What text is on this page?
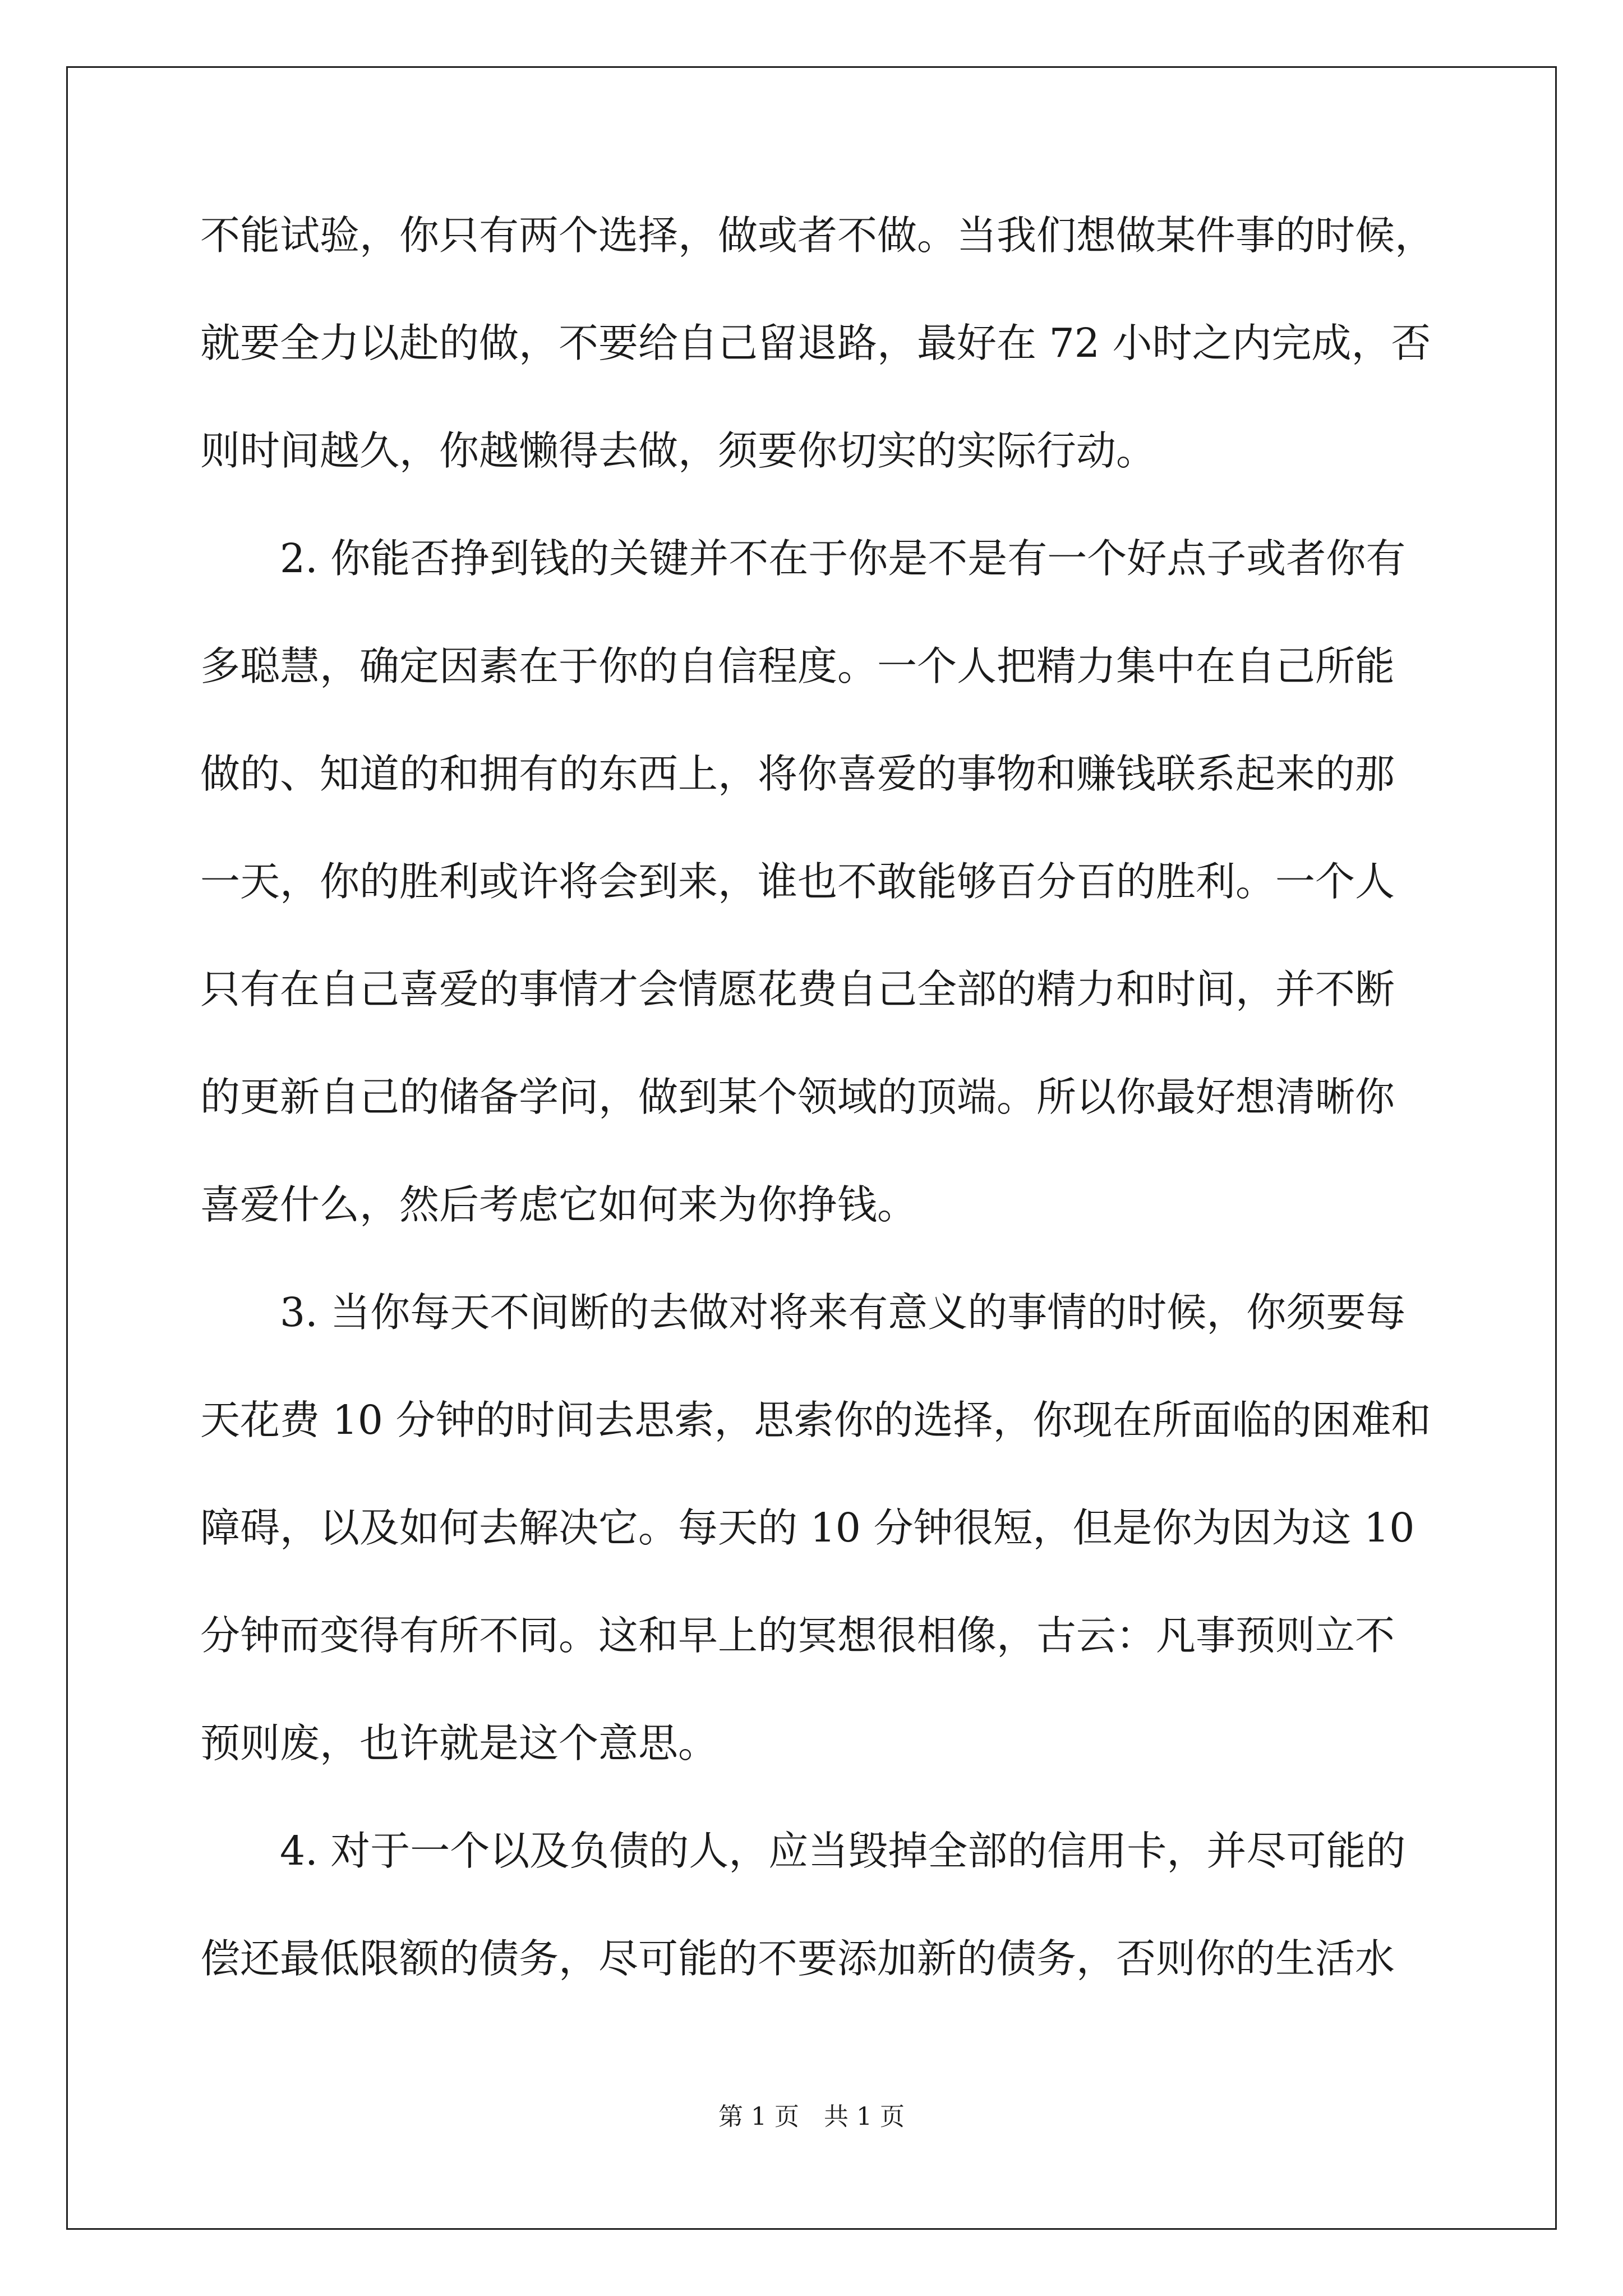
不能试验，你只有两个选择，做或者不做。当我们想做某件事的时候，
就要全力以赴的做，不要给自己留退路，最好在 72 小时之内完成，否
则时间越久，你越懒得去做，须要你切实的实际行动。
　　2. 你能否挣到钱的关键并不在于你是不是有一个好点子或者你有
多聪慧，确定因素在于你的自信程度。一个人把精力集中在自己所能
做的、知道的和拥有的东西上，将你喜爱的事物和赚钱联系起来的那
一天，你的胜利或许将会到来，谁也不敢能够百分百的胜利。一个人
只有在自己喜爱的事情才会情愿花费自己全部的精力和时间，并不断
的更新自己的储备学问，做到某个领域的顶端。所以你最好想清晰你
喜爱什么，然后考虑它如何来为你挣钱。
　　3. 当你每天不间断的去做对将来有意义的事情的时候，你须要每
天花费 10 分钟的时间去思索，思索你的选择，你现在所面临的困难和
障碍，以及如何去解决它。每天的 10 分钟很短，但是你为因为这 10
分钟而变得有所不同。这和早上的冥想很相像，古云：凡事预则立不
预则废，也许就是这个意思。
　　4. 对于一个以及负债的人，应当毁掉全部的信用卡，并尽可能的
偿还最低限额的债务，尽可能的不要添加新的债务，否则你的生活水
第 1 页　共 1 页
